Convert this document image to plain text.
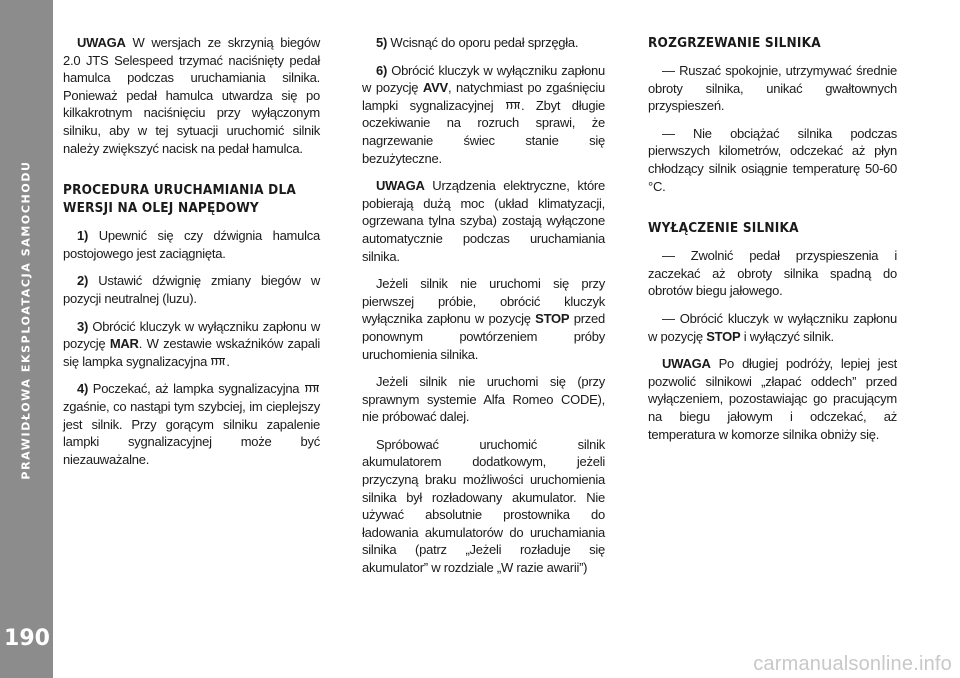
PRAWIDŁOWA EKSPLOATACJA SAMOCHODU
190

UWAGA W wersjach ze skrzynią biegów 2.0 JTS Selespeed trzymać naciśnięty pedał hamulca podczas uruchamiania silnika. Ponieważ pedał hamulca utwardza się po kilkakrotnym naciśnięciu przy wyłączonym silniku, aby w tej sytuacji uruchomić silnik należy zwiększyć nacisk na pedał hamulca.

PROCEDURA URUCHAMIANIA DLA WERSJI NA OLEJ NAPĘDOWY

1) Upewnić się czy dźwignia hamulca postojowego jest zaciągnięta.

2) Ustawić dźwignię zmiany biegów w pozycji neutralnej (luzu).

3) Obrócić kluczyk w wyłączniku zapłonu w pozycję MAR. W zestawie wskaźników zapali się lampka sygnalizacyjna .

4) Poczekać, aż lampka sygnalizacyjna  zgaśnie, co nastąpi tym szybciej, im cieplejszy jest silnik. Przy gorącym silniku zapalenie lampki sygnalizacyjnej może być niezauważalne.

5) Wcisnąć do oporu pedał sprzęgła.

6) Obrócić kluczyk w wyłączniku zapłonu w pozycję AVV, natychmiast po zgaśnięciu lampki sygnalizacyjnej . Zbyt długie oczekiwanie na rozruch sprawi, że nagrzewanie świec stanie się bezużyteczne.

UWAGA Urządzenia elektryczne, które pobierają dużą moc (układ klimatyzacji, ogrzewana tylna szyba) zostają wyłączone automatycznie podczas uruchamiania silnika.

Jeżeli silnik nie uruchomi się przy pierwszej próbie, obrócić kluczyk wyłącznika zapłonu w pozycję STOP przed ponownym powtórzeniem próby uruchomienia silnika.

Jeżeli silnik nie uruchomi się (przy sprawnym systemie Alfa Romeo CODE), nie próbować dalej.

Spróbować uruchomić silnik akumulatorem dodatkowym, jeżeli przyczyną braku możliwości uruchomienia silnika był rozładowany akumulator. Nie używać absolutnie prostownika do ładowania akumulatorów do uruchamiania silnika (patrz „Jeżeli rozładuje się akumulator” w rozdziale „W razie awarii”)

ROZGRZEWANIE SILNIKA

— Ruszać spokojnie, utrzymywać średnie obroty silnika, unikać gwałtownych przyspieszeń.

— Nie obciążać silnika podczas pierwszych kilometrów, odczekać aż płyn chłodzący silnik osiągnie temperaturę 50-60 °C.

WYŁĄCZENIE SILNIKA

— Zwolnić pedał przyspieszenia i zaczekać aż obroty silnika spadną do obrotów biegu jałowego.

— Obrócić kluczyk w wyłączniku zapłonu w pozycję STOP i wyłączyć silnik.

UWAGA Po długiej podróży, lepiej jest pozwolić silnikowi „złapać oddech” przed wyłączeniem, pozostawiając go pracującym na biegu jałowym i odczekać, aż temperatura w komorze silnika obniży się.

carmanualsonline.info
